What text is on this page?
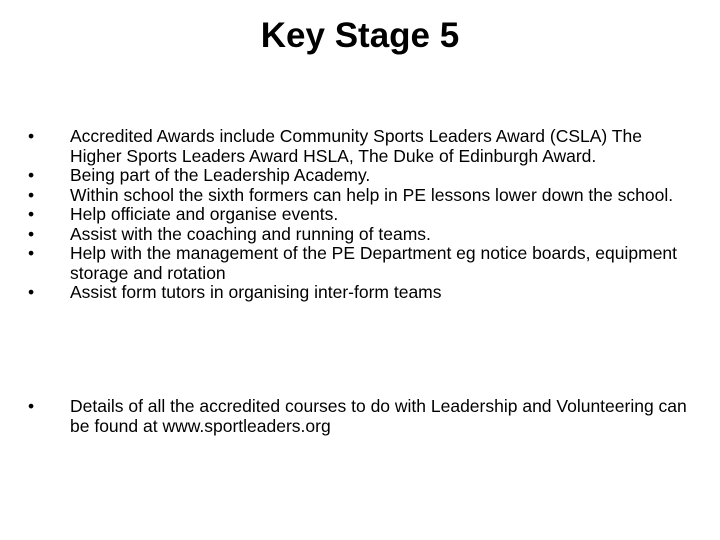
Key Stage 5
•	Accredited Awards include Community Sports Leaders Award (CSLA) The Higher Sports Leaders Award HSLA, The Duke of Edinburgh Award.
•	Being part of the Leadership Academy.
•	Within school the sixth formers can help in PE lessons lower down the school.
•	Help officiate and organise events.
•	Assist with the coaching and running of teams.
•	Help with the management of the PE Department eg notice boards, equipment storage and rotation
•	Assist form tutors in organising inter-form teams
•	Details of all the accredited courses to do with Leadership and Volunteering can be found at www.sportleaders.org
